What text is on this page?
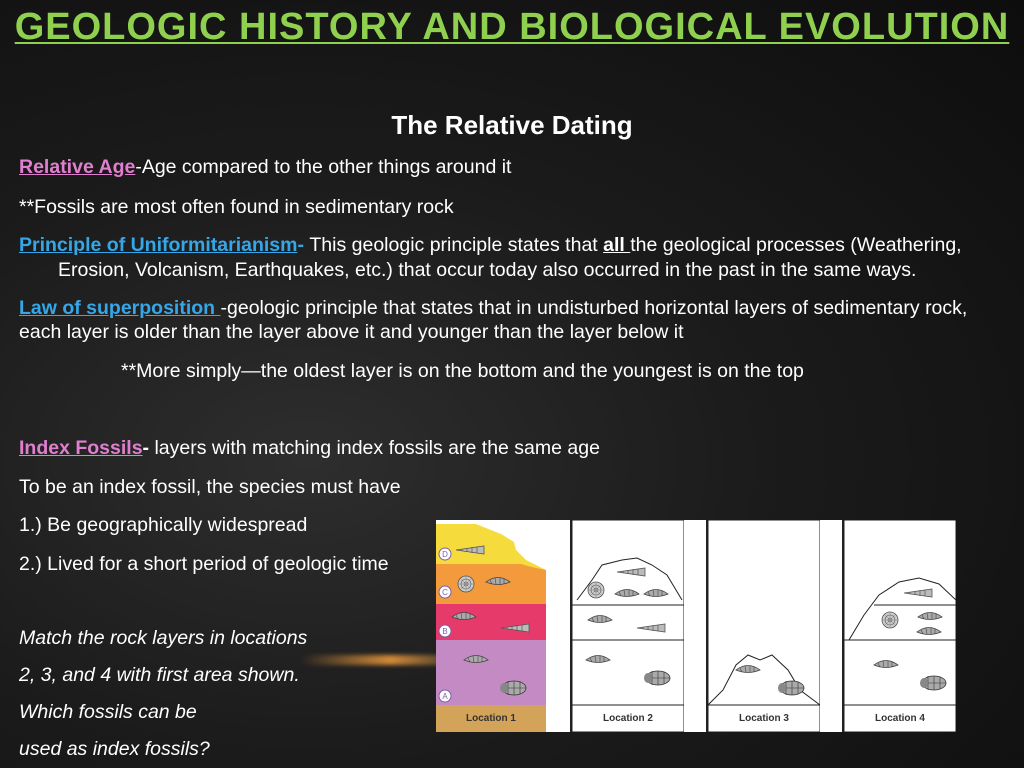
GEOLOGIC HISTORY AND BIOLOGICAL EVOLUTION
The Relative Dating
Relative Age-Age compared to the other things around it
**Fossils are most often found in sedimentary rock
Principle of Uniformitarianism- This geologic principle states that all the geological processes (Weathering,
Erosion, Volcanism, Earthquakes, etc.) that occur today also occurred in the past in the same ways.
Law of superposition -geologic principle that states that in undisturbed horizontal layers of sedimentary rock,
each layer is older than the layer above it and younger than the layer below it
**More simply—the oldest layer is on the bottom and the youngest is on the top
Index Fossils- layers with matching index fossils are the same age
To be an index fossil, the species must have
1.) Be geographically widespread
2.) Lived for a short period of geologic time
Match the rock layers in locations
2, 3, and 4 with first area shown.
Which fossils can be
used as index fossils?
D
C
B
A
Location 1	Location 2	Location 3	Location 4
